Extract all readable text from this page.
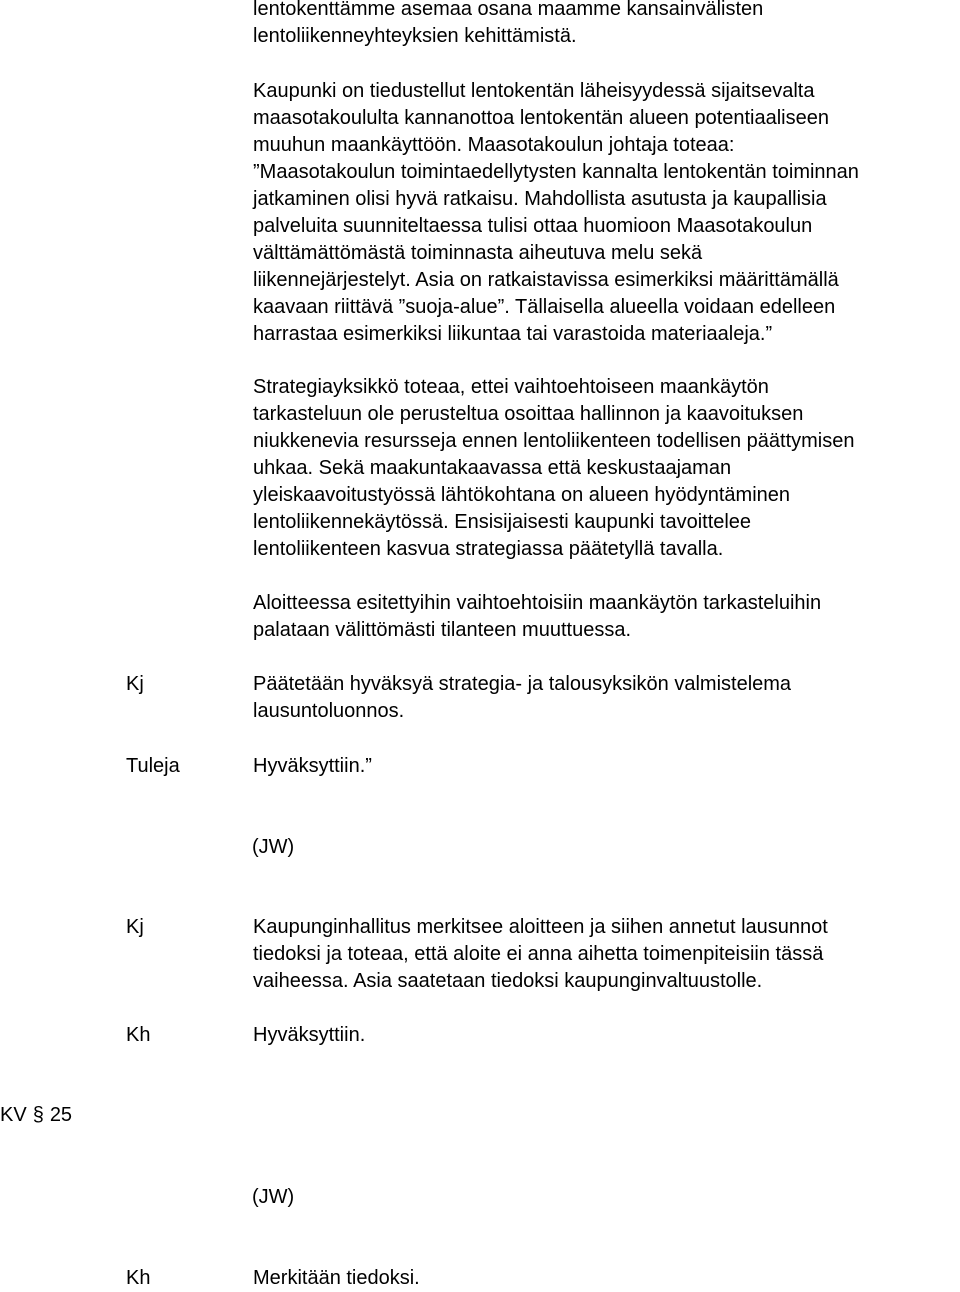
lentokenttämme asemaa osana maamme kansainvälisten
lentoliikenneyhteyksien kehittämistä.
Kaupunki on tiedustellut lentokentän läheisyydessä sijaitsevalta
maasotakoululta kannanottoa lentokentän alueen potentiaaliseen
muuhun maankäyttöön. Maasotakoulun johtaja toteaa:
”Maasotakoulun toimintaedellytysten kannalta lentokentän toiminnan
jatkaminen olisi hyvä ratkaisu. Mahdollista asutusta ja kaupallisia
palveluita suunniteltaessa tulisi ottaa huomioon Maasotakoulun
välttämättömästä toiminnasta aiheutuva melu sekä
liikennejärjestelyt. Asia on ratkaistavissa esimerkiksi määrittämällä
kaavaan riittävä ”suoja-alue”. Tällaisella alueella voidaan edelleen
harrastaa esimerkiksi liikuntaa tai varastoida materiaaleja.”
Strategiayksikkö toteaa, ettei vaihtoehtoiseen maankäytön
tarkasteluun ole perusteltua osoittaa hallinnon ja kaavoituksen
niukkenevia resursseja ennen lentoliikenteen todellisen päättymisen
uhkaa. Sekä maakuntakaavassa että keskustaajaman
yleiskaavoitustyössä lähtökohtana on alueen hyödyntäminen
lentoliikennekäytössä. Ensisijaisesti kaupunki tavoittelee
lentoliikenteen kasvua strategiassa päätetyllä tavalla.
Aloitteessa esitettyihin vaihtoehtoisiin maankäytön tarkasteluihin
palataan välittömästi tilanteen muuttuessa.
Kj	Päätetään hyväksyä strategia- ja talousyksikön valmistelema
lausuntoluonnos.
Tuleja	Hyväksyttiin.”
(JW)
Kj	Kaupunginhallitus merkitsee aloitteen ja siihen annetut lausunnot
tiedoksi ja toteaa, että aloite ei anna aihetta toimenpiteisiin tässä
vaiheessa. Asia saatetaan tiedoksi kaupunginvaltuustolle.
Kh	Hyväksyttiin.
KV § 25
(JW)
Kh	Merkitään tiedoksi.
